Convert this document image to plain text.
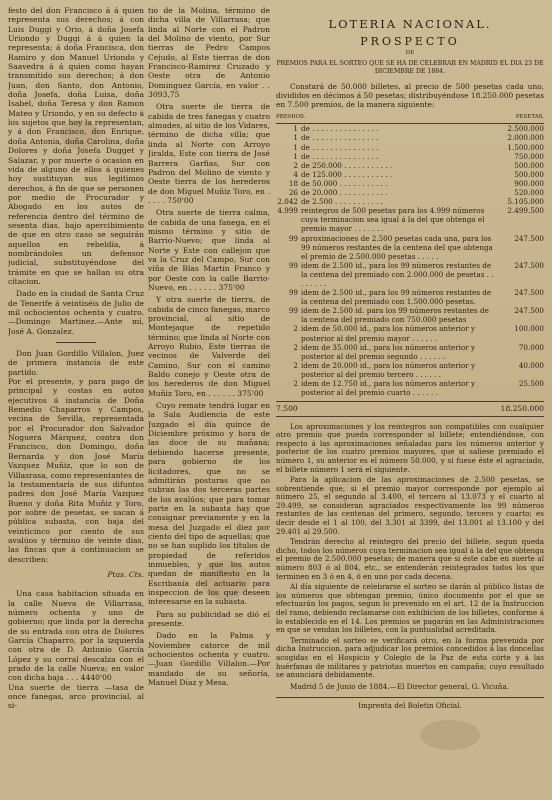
festo del don Francisco á á quien representa sus derechos; á con Luis Duggi y Orio, á doña Josefa Uriondo y Duggi á á quien la representa; á doña Francisca, don Ramiro y don Manuel Uriondo y Saavedra á á quien como hayan transmitido sus derechos; á don Juan, don Santo, don Antonio, doña Josefa, doña Luisa, doña Isabel, doña Teresa y don Ramon Mateo y Uriondo, y en su defecto á los sujetos que hoy la representan, y á don Francisco, don Enrique, doña Antonia, doña Carolina, doña Dolores y doña Josefa Dugget y Salazar, y por muerte ó ocasion en vida de alguno de ellos á quienes hoy sustituyan sus legitimos derechos, á fin de que se personen por medio de Procurador y Abogado en los autos de referencia dentro del término de sesenta dias, bajo apercibimiento de que en otro caso se seguirán aquellos en rebeldía, á nombrándoles un defensor judicial, substituyéndose del trámite en que se hallan su otra citacion.

Dado en la ciudad de Santa Cruz de Tenerife á veintiséis de Julio de mil ochocientos ochenta y cuatro.—Domingo Martinez.—Ante mí, José A. Gonzalez.

Don Juan Gordillo Villalon, Juez de primera instancia de este partido.
Por el presente, y para pago de principal y costas en autos ejecutivos á instancia de Doña Remedio Chaparros y Campos, vecina de Sevilla, representada por el Procurador don Salvador Noguera Márquez, contra don Francisco, don Domingo, doña Bernarda y don José María Vazquez Muñiz, que lo son de Villasrasa, como representantes de la testamentaría de sus difuntos padres don José María Vazquez Bueno y doña Rita Muñiz y Toro, por sobre de pesetas, se sacan á pública subasta, con baja del veinticinco por ciento de sus avalúos y término de veinte dias, las fincas que á continuacion se describen:

Ptas. Cts.

Una casa habitacion situada en la calle Nueva de Villarrasa, número ochenta y uno de gobierno; que linda por la derecha de su entrada con otra de Dolores García Chaparro, por la izquierda con otra de D. Antonio García López y su corral descalza con el prado de la calle Nueva; en valor con dicha baja . . . 4440'00
Una suerte de tierra —tasa de once fanegas, arco provincial, al si-

tio de la Molina, término de dicha villa de Villarrasa; que linda al Norte con el Padron del Molino de viento, por Sur tierras de Pedro Campos Cejudo, al Este tierras de don Francisco-Ramirez Cruzado y Oeste otra de Antonio Dominguez García, en valor . . 3093,75

Otra suerte de tierra de cabida de tres fanegas y cuatro almudes, al sitio de los Vidares, término de dicha villa; que linda al Norte con Arroyo Jiralda, Este con tierra de José Barrera Garfias, Sur con Padron del Molino de viento y Oeste tierra de los herederos de don Miguel Muñiz Toro, en . . . . . 750'00

Otra suerte de tierra calma, de cabida de una fanega, en el mismo término y sitio de Barrio-Nuevo; que linda al Norte y Este con callejon que va la Cruz del Campo, Sur con viña de Blas Martín Franco y por Oeste con la calle Barrio-Nuevo, en . . . . . . 375'00

Y otra suerte de tierra, de cabida de cinco fanegas, marco provincial, al sitio de Montejaque de repetido término; que linda al Norte con Arroyo Rubio, Este tierras de vecinos de Valverde del Camino, Sur con el camino Baldo conejo y Oeste otra de los herederos de don Miguel Muñiz Toro, en . . . . . . 375'00

Cuyo remate tendrá lugar en la Sala Audiencia de este Juzgado el día quince de Diciembre próximo y hora de las doce de su mañana; debiendo hacerse presente, para gobierno de los licitadores, que no se admitirán posturas que no cubran las dos terceras partes de los avalúos; que para tomar parte en la subasta hay que consignar previamente y en la mesa del Juzgado el diez por ciento del tipo de aquellas; que no se han suplido los títulos de propiedad de referidos inmuebles, y que los autos quedan de manifiesto en la Escribanía del actuario para inspeccion de los que deseen interesarse en la subasta.

Para su publicidad se dió el presente.

Dado en la Palma y Noviembre catorce de mil ochocientos ochenta y cuatro.—Juan Gordillo Villalon.—Por mandado de su señoría, Manuel Díaz y Mesa.

LOTERIA NACIONAL.
PROSPECTO
DE
PREMIOS PARA EL SORTEO QUE SE HA DE CELEBRAR EN MADRID EL DIA 23 DE DICIEMBRE DE 1884.
Constará de 50.000 billetes, al precio de 500 pesetas cada uno, divididos en décimos á 50 pesetas; distribuyéndose 18.250.000 pesetas en 7.500 premios, de la manera siguiente:
PREMIOS.	PESETAS.
1	de . . . . . . . . . . . . . . .	2.500.000
1	de . . . . . . . . . . . . . . .	2.000.000
1	de . . . . . . . . . . . . . . .	1.500.000
1	de . . . . . . . . . . . . . . .	750.000
2	de 250.000 . . . . . . . . . . .	500.000
4	de 125.000 . . . . . . . . . . .	500.000
18	de 50.000 . . . . . . . . . . .	900.000
26	de 20.000 . . . . . . . . . . .	520.000
2.042	de 2.500 . . . . . . . . . . .	5.105.000
4.999	reintegros de 500 pesetas para los 4.999 números cuya terminacion sea igual á la del que obtenga el premio mayor . . . . . . .	2.499.500
99	aproximaciones de 2.500 pesetas cada una, para los 99 números restantes de la centena del que obtenga el premio de 2.500.000 pesetas . . . . .	247.500
99	idem de 2.500 id., para los 99 números restantes de la centena del premiado con 2.000.000 de pesetas . . . . . . . .	247.500
99	idem de 2.500 id., para los 99 números restantes de la centena del premiado con 1.500.000 pesetas.	247.500
99	idem de 2.500 id. para los 99 números restantes de la centena del premiado con 750.000 pesetas	247.500
2	idem de 50.000 id., para los números anterior y posterior al del premio mayor . . . . . .	100.000
2	idem de 35.000 id., para los números anterior y posterior al del premio segundo . . . . . .	70.000
2	idem de 20.000 id., para los números anterior y posterior al del premio tercero . . . . . .	40.000
2	idem de 12.750 id., para los números anterior y posterior al del premio cuarto . . . . . .	25.500
7.500	18.250.000

Los aproximaciones y los reintegros son compatibles con cualquier otro premio que pueda corresponder al billete; entendiéndose, con respecto á las aproximaciones señaladas para los números anterior y posterior de los cuatro premios mayores, que si saliese premiado el número 1, su anterior es el número 50.000, y si fuese éste el agraciado, el billete número 1 será el siguiente.

Para la aplicacion de las aproximaciones de 2.500 pesetas, se sobrentiende que, si el premio mayor corresponde por ejemplo al número 25, el segundo al 3.400, el tercero al 13.073 y el cuarto al 29.499, se consideran agraciados respectivamente los 99 números restantes de las centenas del primero, segundo, tercero y cuarto; es decir desde el 1 al 100, del 3.301 al 3399, del 13.001 al 13.100 y del 29.401 al 29.500.

Tendrán derecho al reintegro del precio del billete, segun queda dicho, todos los números cuya terminacion sea igual á la del que obtenga el premio de 2.500.000 pesetas; de manera que si éste cabe en suerte al número 803 ó al 804, etc., se entenderán reintegrados todos los que terminen en 3 ó en 4, ó en uno por cada decena.

Al día siguiente de celebrarse el sorteo se darán al público listas de los números que obtengan premio, único documento por el que se efectuarán los pagos, segun lo prevenido en el art. 12 de la Instruccion del ramo, debiendo reclamarse con exhibicion de los billetes, conforme á lo establecido en el 14. Los premios se pagarán en las Administraciones en que se vendan los billetes, con la puntualidad acreditada.

Terminado el sorteo se verificará otro, en la forma prevenida por dicha Instruccion, para adjudicar los premios concedidos á las doncellas acogidas en el Hospicio y Colegio de la Paz de esta córte y á las huérfanas de militares y patriotas muertos en campaña; cuyo resultado se anunciará debidamente.

Madrid 5 de Junio de 1884.—El Director general, G. Vicuña.
Imprenta del Boletin Oficial.
